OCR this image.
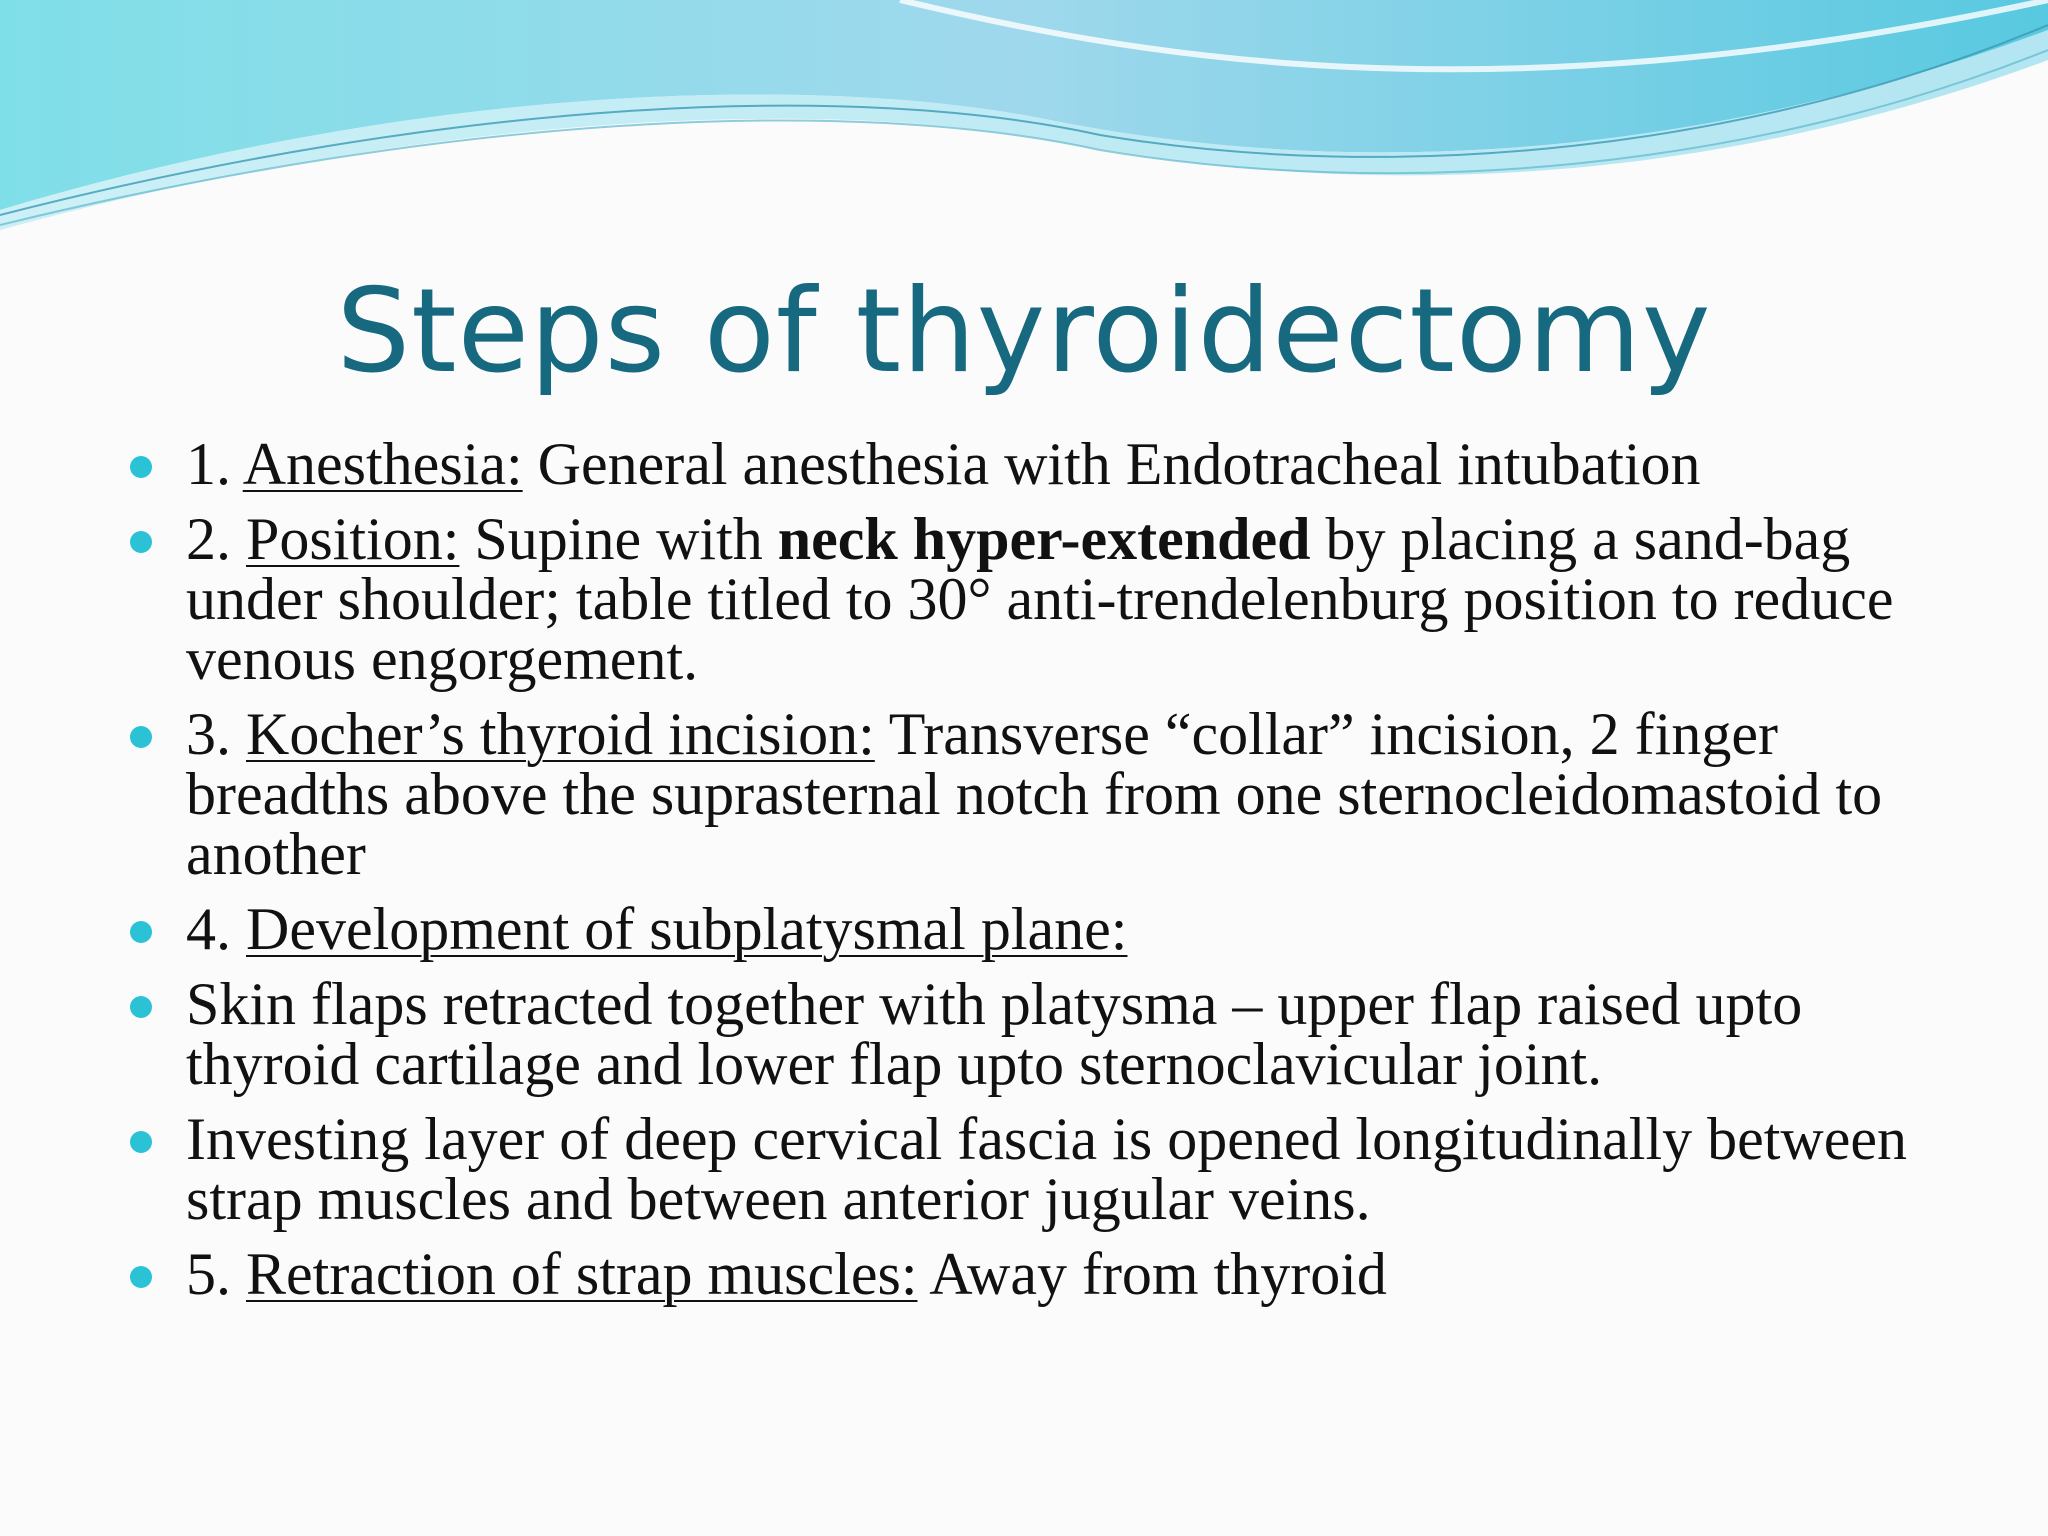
Steps of thyroidectomy
1. Anesthesia: General anesthesia with Endotracheal intubation
2. Position: Supine with neck hyper-extended by placing a sand-bag under shoulder; table titled to 30° anti-trendelenburg position to reduce venous engorgement.
3. Kocher’s thyroid incision: Transverse “collar” incision, 2 finger breadths above the suprasternal notch from one sternocleidomastoid to another
4. Development of subplatysmal plane:
Skin flaps retracted together with platysma – upper flap raised upto thyroid cartilage and lower flap upto sternoclavicular joint.
Investing layer of deep cervical fascia is opened longitudinally between strap muscles and between anterior jugular veins.
5. Retraction of strap muscles: Away from thyroid
